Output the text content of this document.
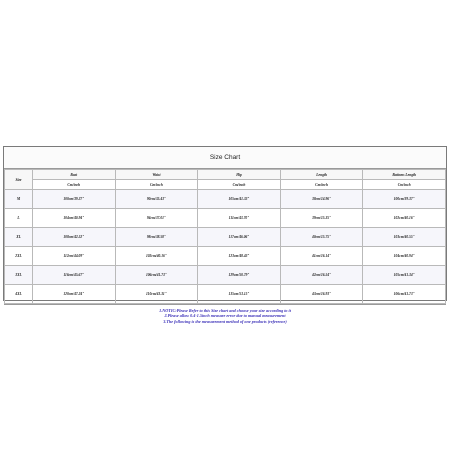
Size Chart
Size	Bust	Waist	Hip	Length	Bottoms Length
	Cm/inch	Cm/inch	Cm/inch	Cm/inch	Cm/inch
M	100cm/39.37"	90cm/35.43"	105cm/41.33"	38cm/14.96"	100cm/39.37"
L	104cm/40.94"	94cm/37.01"	111cm/43.70"	39cm/15.35"	102cm/40.16"
XL	108cm/42.52"	98cm/38.58"	117cm/46.06"	40cm/15.75"	103cm/40.55"
2XL	112cm/44.09"	102cm/40.16"	123cm/48.43"	41cm/16.14"	104cm/40.94"
3XL	116cm/45.67"	106cm/41.73"	129cm/50.79"	42cm/16.54"	105cm/41.34"
4XL	120cm/47.24"	110cm/43.31"	135cm/53.15"	43cm/16.93"	106cm/41.73"
1.NOTIC:Please Refer to this Size chart and choose your size according to it
2.Please allow 0.4-1.5inch measure error due to manual measurement
3.The following is the measurement method of one products (reference)
